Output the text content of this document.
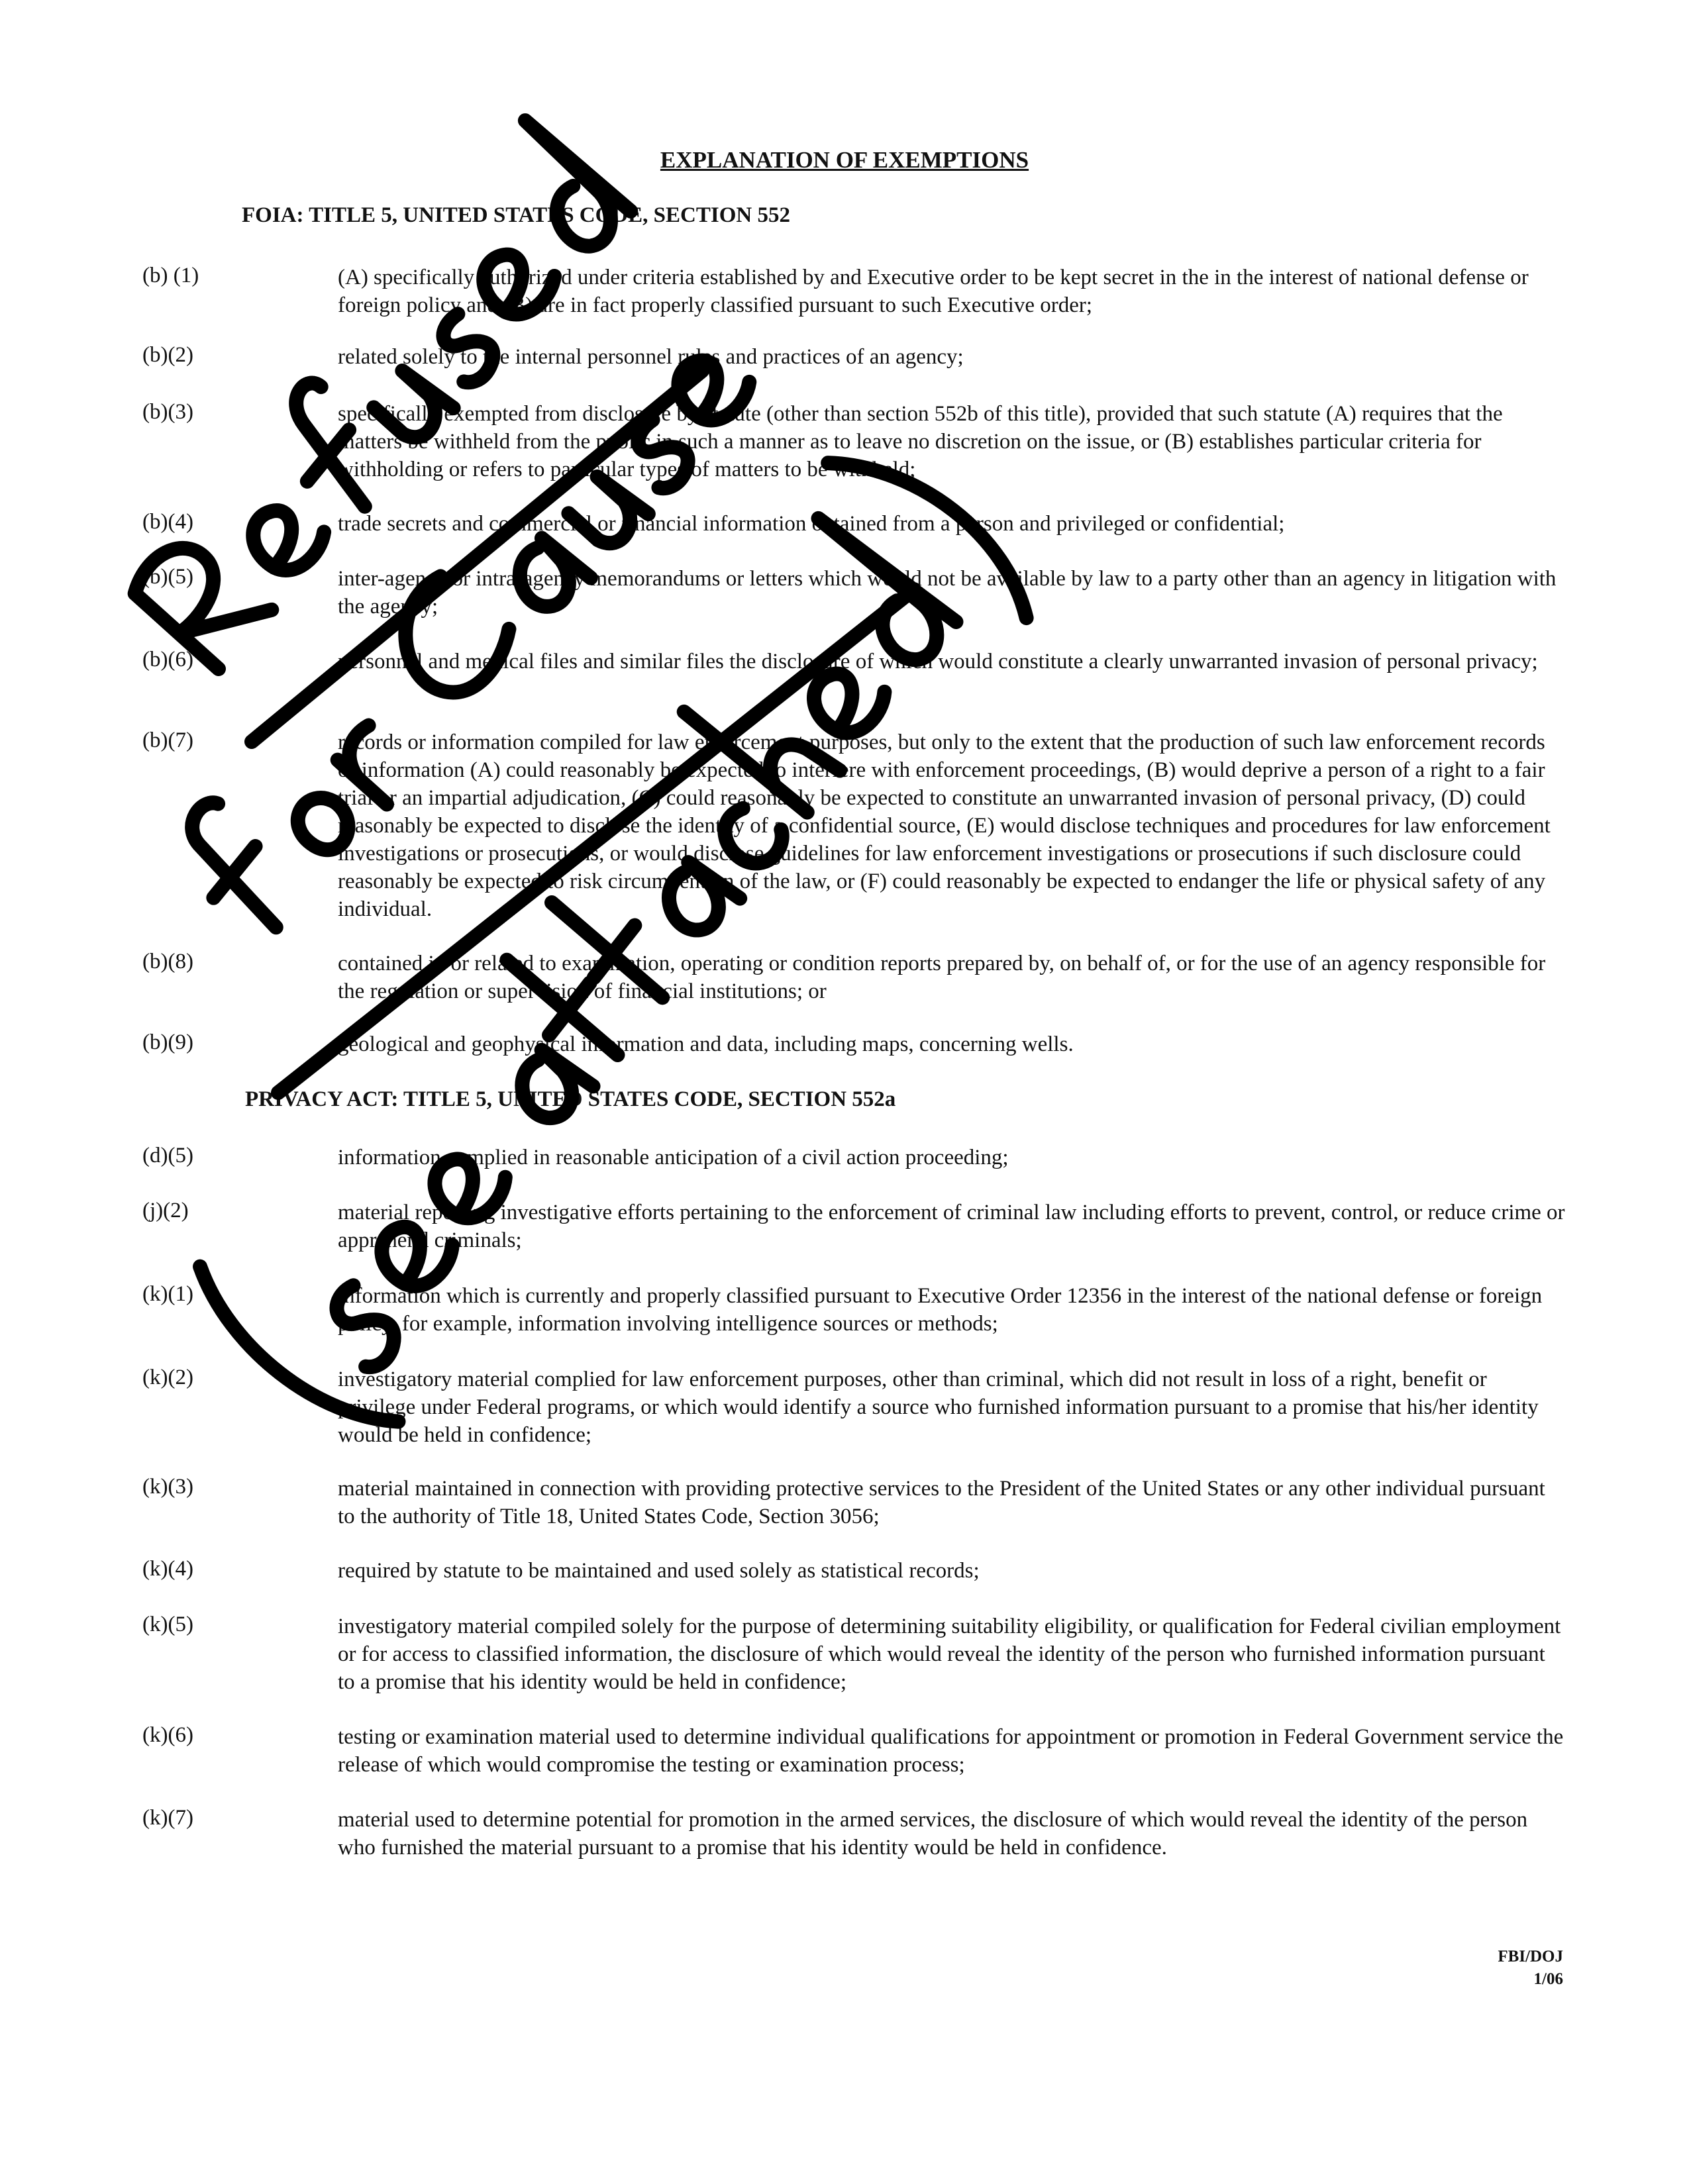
EXPLANATION OF EXEMPTIONS
FOIA: TITLE 5, UNITED STATES CODE, SECTION 552
(b) (1)	(A) specifically authorized under criteria established by and Executive order to be kept secret in the in the interest of national defense or foreign policy and (B) are in fact properly classified pursuant to such Executive order;
(b)(2)	related solely to the internal personnel rules and practices of an agency;
(b)(3)	specifically exempted from disclosure by statute (other than section 552b of this title), provided that such statute (A) requires that the matters be withheld from the public in such a manner as to leave no discretion on the issue, or (B) establishes particular criteria for withholding or refers to particular types of matters to be withheld;
(b)(4)	trade secrets and commercial or financial information obtained from a person and privileged or confidential;
(b)(5)	inter-agency or intra-agency memorandums or letters which would not be available by law to a party other than an agency in litigation with the agency;
(b)(6)	personnel and medical files and similar files the disclosure of which would constitute a clearly unwarranted invasion of personal privacy;
(b)(7)	records or information compiled for law enforcement purposes, but only to the extent that the production of such law enforcement records or information (A) could reasonably be expected to interfere with enforcement proceedings, (B) would deprive a person of a right to a fair trial or an impartial adjudication, (C) could reasonably be expected to constitute an unwarranted invasion of personal privacy, (D) could reasonably be expected to disclose the identity of a confidential source, (E) would disclose techniques and procedures for law enforcement investigations or prosecutions, or would disclose guidelines for law enforcement investigations or prosecutions if such disclosure could reasonably be expected to risk circumvention of the law, or (F) could reasonably be expected to endanger the life or physical safety of any individual.
(b)(8)	contained in or related to examination, operating or condition reports prepared by, on behalf of, or for the use of an agency responsible for the regulation or supervision of financial institutions; or
(b)(9)	geological and geophysical information and data, including maps, concerning wells.
PRIVACY ACT: TITLE 5, UNITED STATES CODE, SECTION 552a
(d)(5)	information complied in reasonable anticipation of a civil action proceeding;
(j)(2)	material reporting investigative efforts pertaining to the enforcement of criminal law including efforts to prevent, control, or reduce crime or apprehend criminals;
(k)(1)	information which is currently and properly classified pursuant to Executive Order 12356 in the interest of the national defense or foreign policy, for example, information involving intelligence sources or methods;
(k)(2)	investigatory material complied for law enforcement purposes, other than criminal, which did not result in loss of a right, benefit or privilege under Federal programs, or which would identify a source who furnished information pursuant to a promise that his/her identity would be held in confidence;
(k)(3)	material maintained in connection with providing protective services to the President of the United States or any other individual pursuant to the authority of Title 18, United States Code, Section 3056;
(k)(4)	required by statute to be maintained and used solely as statistical records;
(k)(5)	investigatory material compiled solely for the purpose of determining suitability eligibility, or qualification for Federal civilian employment or for access to classified information, the disclosure of which would reveal the identity of the person who furnished information pursuant to a promise that his identity would be held in confidence;
(k)(6)	testing or examination material used to determine individual qualifications for appointment or promotion in Federal Government service the release of which would compromise the testing or examination process;
(k)(7)	material used to determine potential for promotion in the armed services, the disclosure of which would reveal the identity of the person who furnished the material pursuant to a promise that his identity would be held in confidence.
FBI/DOJ
1/06
